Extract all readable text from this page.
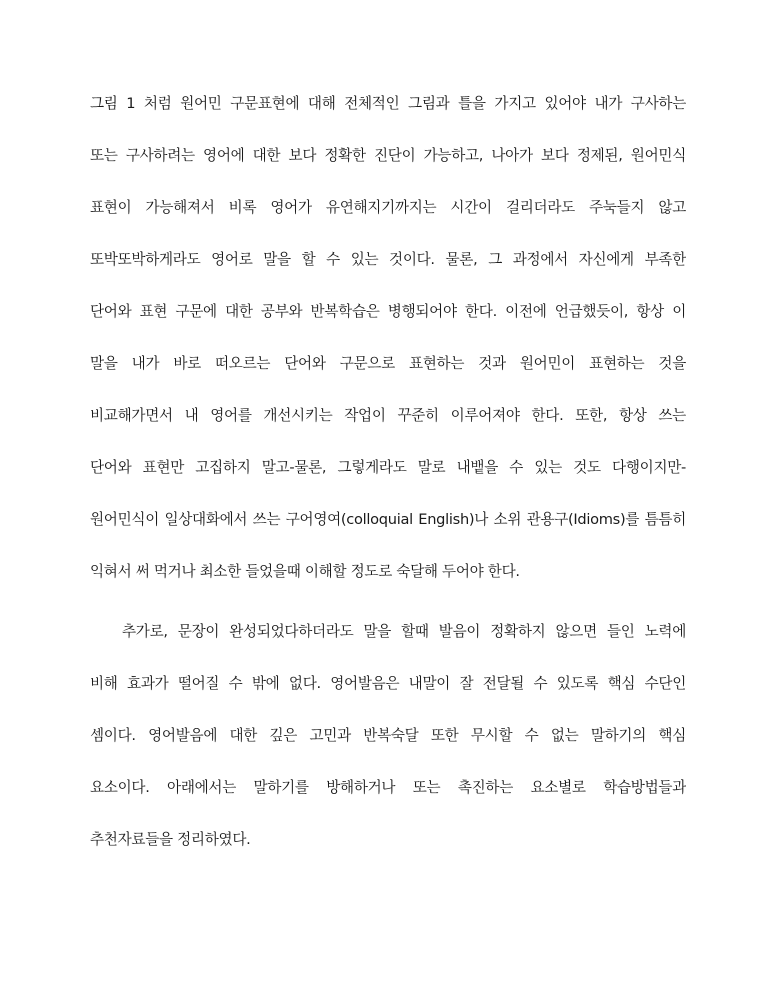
그림 1 처럼 원어민 구문표현에 대해 전체적인 그림과 틀을 가지고 있어야 내가 구사하는
또는 구사하려는 영어에 대한 보다 정확한 진단이 가능하고, 나아가 보다 정제된, 원어민식
표현이 가능해져서 비록 영어가 유연해지기까지는 시간이 걸리더라도 주눅들지 않고
또박또박하게라도 영어로 말을 할 수 있는 것이다. 물론, 그 과정에서 자신에게 부족한
단어와 표현 구문에 대한 공부와 반복학습은 병행되어야 한다. 이전에 언급했듯이, 항상 이
말을 내가 바로 떠오르는 단어와 구문으로 표현하는 것과 원어민이 표현하는 것을
비교해가면서 내 영어를 개선시키는 작업이 꾸준히 이루어져야 한다. 또한, 항상 쓰는
단어와 표현만 고집하지 말고-물론, 그렇게라도 말로 내뱉을 수 있는 것도 다행이지만-
원어민식이 일상대화에서 쓰는 구어영여(colloquial English)나 소위 관용구(Idioms)를 틈틈히
익혀서 써 먹거나 최소한 들었을때 이해할 정도로 숙달해 두어야 한다.
추가로, 문장이 완성되었다하더라도 말을 할때 발음이 정확하지 않으면 들인 노력에
비해 효과가 떨어질 수 밖에 없다. 영어발음은 내말이 잘 전달될 수 있도록 핵심 수단인
셈이다. 영어발음에 대한 깊은 고민과 반복숙달 또한 무시할 수 없는 말하기의 핵심
요소이다. 아래에서는 말하기를 방해하거나 또는 촉진하는 요소별로 학습방법들과
추천자료들을 정리하였다.
